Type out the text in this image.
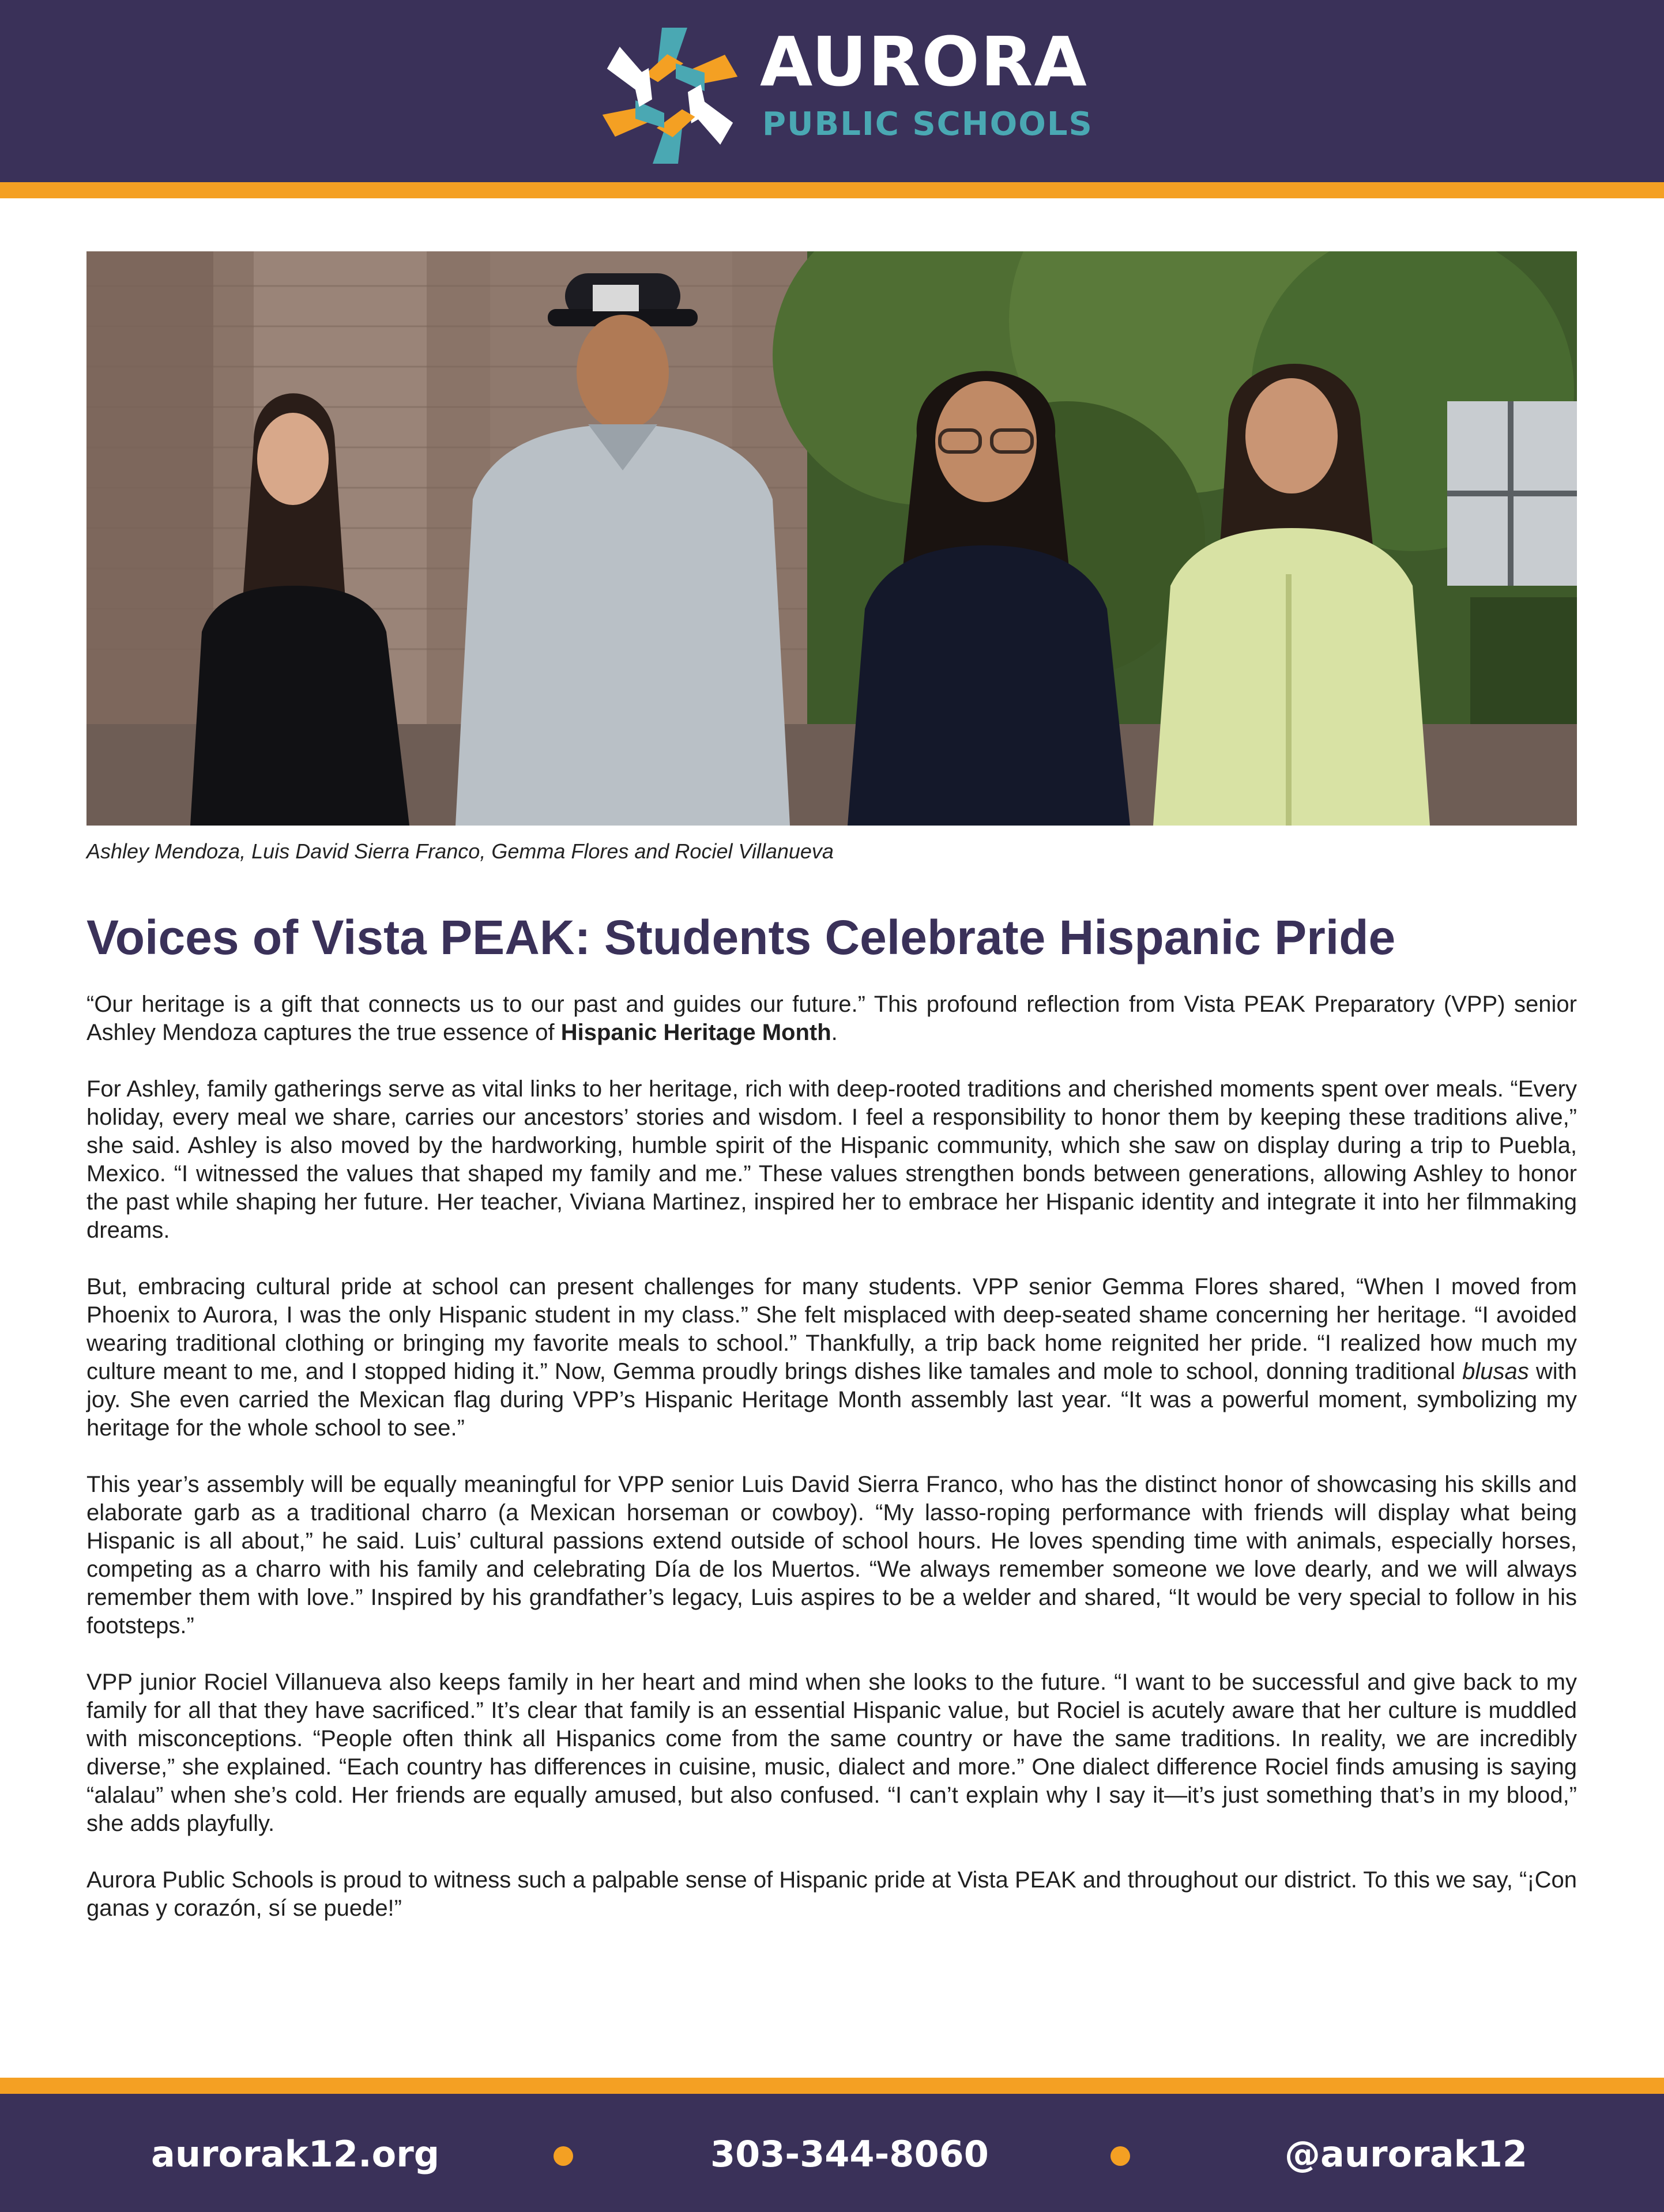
AURORA
PUBLIC SCHOOLS
Ashley Mendoza, Luis David Sierra Franco, Gemma Flores and Rociel Villanueva
Voices of Vista PEAK: Students Celebrate Hispanic Pride

“Our heritage is a gift that connects us to our past and guides our future.” This profound reflection from Vista PEAK Preparatory (VPP) senior Ashley Mendoza captures the true essence of Hispanic Heritage Month.

For Ashley, family gatherings serve as vital links to her heritage, rich with deep-rooted traditions and cherished moments spent over meals. “Every holiday, every meal we share, carries our ancestors’ stories and wisdom. I feel a responsibility to honor them by keeping these traditions alive,” she said. Ashley is also moved by the hardworking, humble spirit of the Hispanic community, which she saw on display during a trip to Puebla, Mexico. “I witnessed the values that shaped my family and me.” These values strengthen bonds between generations, allowing Ashley to honor the past while shaping her future. Her teacher, Viviana Martinez, inspired her to embrace her Hispanic identity and integrate it into her filmmaking dreams.

But, embracing cultural pride at school can present challenges for many students. VPP senior Gemma Flores shared, “When I moved from Phoenix to Aurora, I was the only Hispanic student in my class.” She felt misplaced with deep-seated shame concerning her heritage. “I avoided wearing traditional clothing or bringing my favorite meals to school.” Thankfully, a trip back home reignited her pride. “I realized how much my culture meant to me, and I stopped hiding it.” Now, Gemma proudly brings dishes like tamales and mole to school, donning traditional blusas with joy. She even carried the Mexican flag during VPP’s Hispanic Heritage Month assembly last year. “It was a powerful moment, symbolizing my heritage for the whole school to see.”

This year’s assembly will be equally meaningful for VPP senior Luis David Sierra Franco, who has the distinct honor of showcasing his skills and elaborate garb as a traditional charro (a Mexican horseman or cowboy). “My lasso-roping performance with friends will display what being Hispanic is all about,” he said. Luis’ cultural passions extend outside of school hours. He loves spending time with animals, especially horses, competing as a charro with his family and celebrating Día de los Muertos. “We always remember someone we love dearly, and we will always remember them with love.” Inspired by his grandfather’s legacy, Luis aspires to be a welder and shared, “It would be very special to follow in his footsteps.”

VPP junior Rociel Villanueva also keeps family in her heart and mind when she looks to the future. “I want to be successful and give back to my family for all that they have sacrificed.” It’s clear that family is an essential Hispanic value, but Rociel is acutely aware that her culture is muddled with misconceptions. “People often think all Hispanics come from the same country or have the same traditions. In reality, we are incredibly diverse,” she explained. “Each country has differences in cuisine, music, dialect and more.” One dialect difference Rociel finds amusing is saying “alalau” when she’s cold. Her friends are equally amused, but also confused. “I can’t explain why I say it—it’s just something that’s in my blood,” she adds playfully.

Aurora Public Schools is proud to witness such a palpable sense of Hispanic pride at Vista PEAK and throughout our district. To this we say, “¡Con ganas y corazón, sí se puede!”

aurorak12.org	303-344-8060	@aurorak12
